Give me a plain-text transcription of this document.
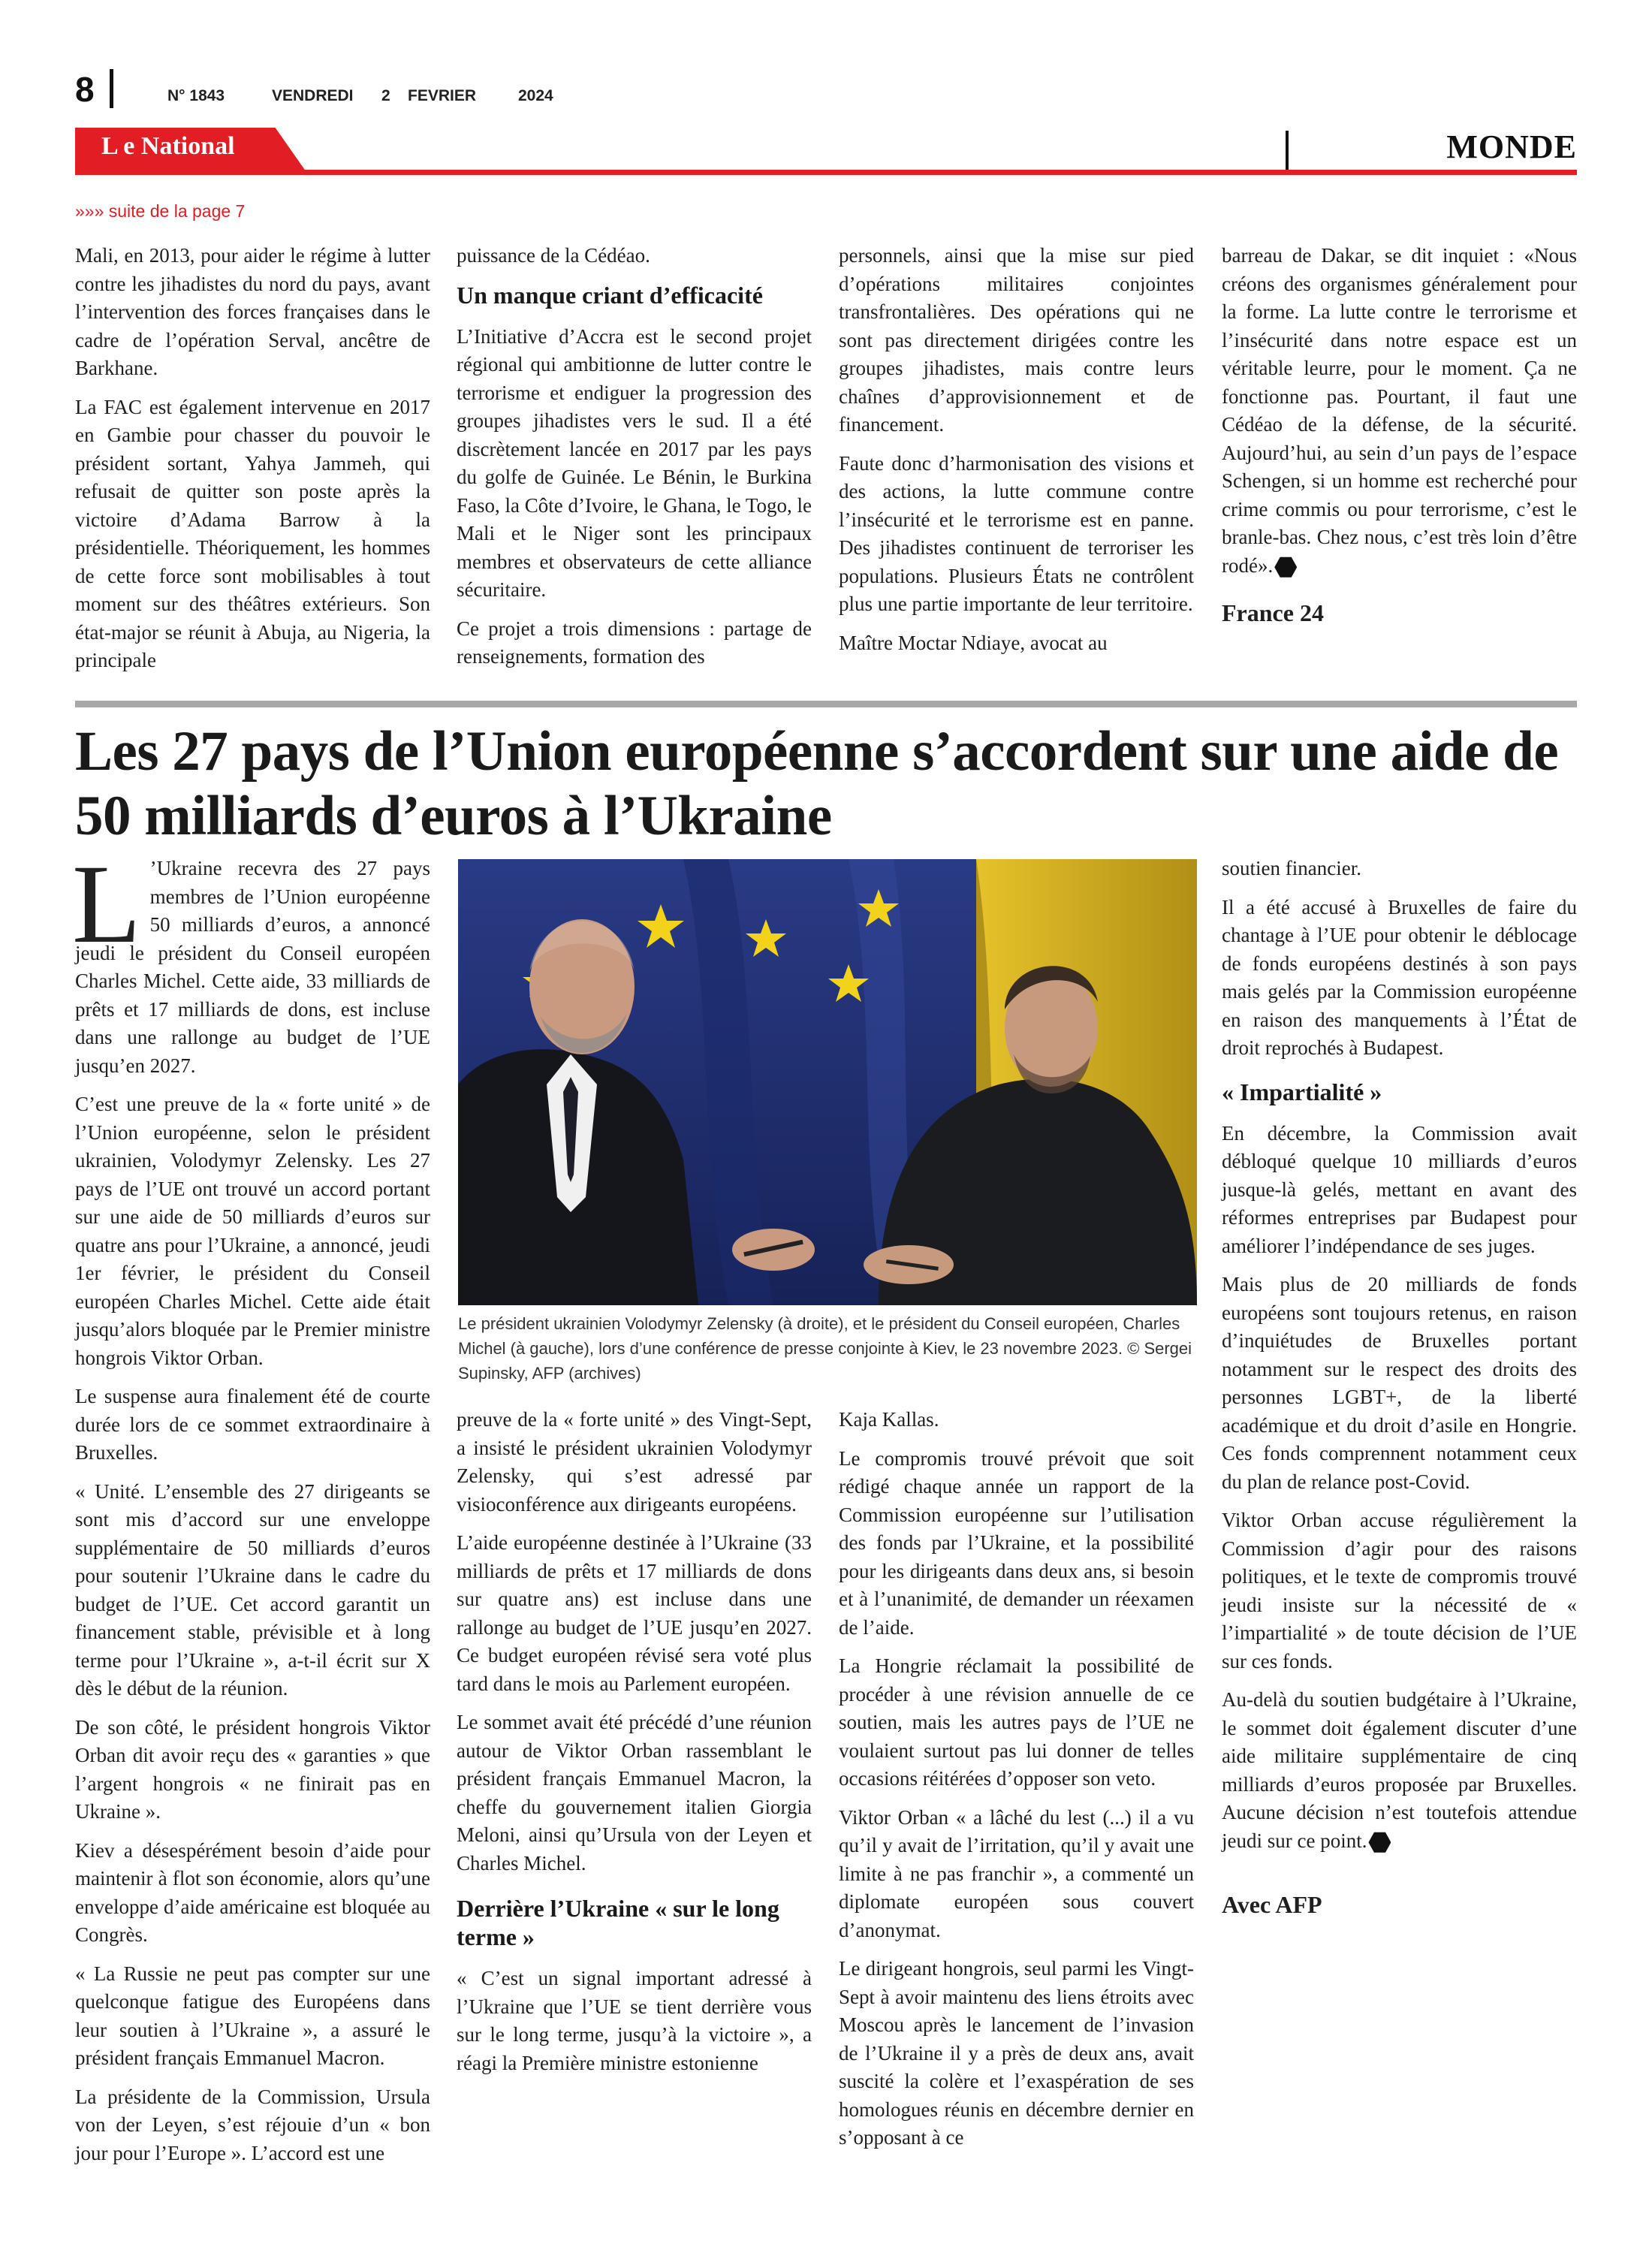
8	N° 1843	VENDREDI 2 FEVRIER	2024
L e National	MONDE
»»» suite de la page 7

Mali, en 2013, pour aider le régime à lutter contre les jihadistes du nord du pays, avant l’intervention des forces françaises dans le cadre de l’opération Serval, ancêtre de Barkhane.

La FAC est également intervenue en 2017 en Gambie pour chasser du pouvoir le président sortant, Yahya Jammeh, qui refusait de quitter son poste après la victoire d’Adama Barrow à la présidentielle. Théoriquement, les hommes de cette force sont mobilisables à tout moment sur des théâtres extérieurs. Son état-major se réunit à Abuja, au Nigeria, la principale

puissance de la Cédéao.

Un manque criant d’efficacité

L’Initiative d’Accra est le second projet régional qui ambitionne de lutter contre le terrorisme et endiguer la progression des groupes jihadistes vers le sud. Il a été discrètement lancée en 2017 par les pays du golfe de Guinée. Le Bénin, le Burkina Faso, la Côte d’Ivoire, le Ghana, le Togo, le Mali et le Niger sont les principaux membres et observateurs de cette alliance sécuritaire.

Ce projet a trois dimensions : partage de renseignements, formation des

personnels, ainsi que la mise sur pied d’opérations militaires conjointes transfrontalières. Des opérations qui ne sont pas directement dirigées contre les groupes jihadistes, mais contre leurs chaînes d’approvisionnement et de financement.

Faute donc d’harmonisation des visions et des actions, la lutte commune contre l’insécurité et le terrorisme est en panne. Des jihadistes continuent de terroriser les populations. Plusieurs États ne contrôlent plus une partie importante de leur territoire.

Maître Moctar Ndiaye, avocat au

barreau de Dakar, se dit inquiet : «Nous créons des organismes généralement pour la forme. La lutte contre le terrorisme et l’insécurité dans notre espace est un véritable leurre, pour le moment. Ça ne fonctionne pas. Pourtant, il faut une Cédéao de la défense, de la sécurité. Aujourd’hui, au sein d’un pays de l’espace Schengen, si un homme est recherché pour crime commis ou pour terrorisme, c’est le branle-bas. Chez nous, c’est très loin d’être rodé».

France 24

Les 27 pays de l’Union européenne s’accordent sur une aide de 50 milliards d’euros à l’Ukraine

L ’Ukraine recevra des 27 pays membres de l’Union européenne 50 milliards d’euros, a annoncé jeudi le président du Conseil européen Charles Michel. Cette aide, 33 milliards de prêts et 17 milliards de dons, est incluse dans une rallonge au budget de l’UE jusqu’en 2027.

C’est une preuve de la « forte unité » de l’Union européenne, selon le président ukrainien, Volodymyr Zelensky. Les 27 pays de l’UE ont trouvé un accord portant sur une aide de 50 milliards d’euros sur quatre ans pour l’Ukraine, a annoncé, jeudi 1er février, le président du Conseil européen Charles Michel. Cette aide était jusqu’alors bloquée par le Premier ministre hongrois Viktor Orban.

Le suspense aura finalement été de courte durée lors de ce sommet extraordinaire à Bruxelles.

« Unité. L’ensemble des 27 dirigeants se sont mis d’accord sur une enveloppe supplémentaire de 50 milliards d’euros pour soutenir l’Ukraine dans le cadre du budget de l’UE. Cet accord garantit un financement stable, prévisible et à long terme pour l’Ukraine », a-t-il écrit sur X dès le début de la réunion.

De son côté, le président hongrois Viktor Orban dit avoir reçu des « garanties » que l’argent hongrois « ne finirait pas en Ukraine ».

Kiev a désespérément besoin d’aide pour maintenir à flot son économie, alors qu’une enveloppe d’aide américaine est bloquée au Congrès.

« La Russie ne peut pas compter sur une quelconque fatigue des Européens dans leur soutien à l’Ukraine », a assuré le président français Emmanuel Macron.

La présidente de la Commission, Ursula von der Leyen, s’est réjouie d’un « bon jour pour l’Europe ». L’accord est une

Le président ukrainien Volodymyr Zelensky (à droite), et le président du Conseil européen, Charles Michel (à gauche), lors d’une conférence de presse conjointe à Kiev, le 23 novembre 2023. © Sergei Supinsky, AFP (archives)

preuve de la « forte unité » des Vingt-Sept, a insisté le président ukrainien Volodymyr Zelensky, qui s’est adressé par visioconférence aux dirigeants européens.

L’aide européenne destinée à l’Ukraine (33 milliards de prêts et 17 milliards de dons sur quatre ans) est incluse dans une rallonge au budget de l’UE jusqu’en 2027. Ce budget européen révisé sera voté plus tard dans le mois au Parlement européen.

Le sommet avait été précédé d’une réunion autour de Viktor Orban rassemblant le président français Emmanuel Macron, la cheffe du gouvernement italien Giorgia Meloni, ainsi qu’Ursula von der Leyen et Charles Michel.

Derrière l’Ukraine « sur le long terme »

« C’est un signal important adressé à l’Ukraine que l’UE se tient derrière vous sur le long terme, jusqu’à la victoire », a réagi la Première ministre estonienne

Kaja Kallas.

Le compromis trouvé prévoit que soit rédigé chaque année un rapport de la Commission européenne sur l’utilisation des fonds par l’Ukraine, et la possibilité pour les dirigeants dans deux ans, si besoin et à l’unanimité, de demander un réexamen de l’aide.

La Hongrie réclamait la possibilité de procéder à une révision annuelle de ce soutien, mais les autres pays de l’UE ne voulaient surtout pas lui donner de telles occasions réitérées d’opposer son veto.

Viktor Orban « a lâché du lest (...) il a vu qu’il y avait de l’irritation, qu’il y avait une limite à ne pas franchir », a commenté un diplomate européen sous couvert d’anonymat.

Le dirigeant hongrois, seul parmi les Vingt-Sept à avoir maintenu des liens étroits avec Moscou après le lancement de l’invasion de l’Ukraine il y a près de deux ans, avait suscité la colère et l’exaspération de ses homologues réunis en décembre dernier en s’opposant à ce

soutien financier.

Il a été accusé à Bruxelles de faire du chantage à l’UE pour obtenir le déblocage de fonds européens destinés à son pays mais gelés par la Commission européenne en raison des manquements à l’État de droit reprochés à Budapest.

« Impartialité »

En décembre, la Commission avait débloqué quelque 10 milliards d’euros jusque-là gelés, mettant en avant des réformes entreprises par Budapest pour améliorer l’indépendance de ses juges.

Mais plus de 20 milliards de fonds européens sont toujours retenus, en raison d’inquiétudes de Bruxelles portant notamment sur le respect des droits des personnes LGBT+, de la liberté académique et du droit d’asile en Hongrie. Ces fonds comprennent notamment ceux du plan de relance post-Covid.

Viktor Orban accuse régulièrement la Commission d’agir pour des raisons politiques, et le texte de compromis trouvé jeudi insiste sur la nécessité de « l’impartialité » de toute décision de l’UE sur ces fonds.

Au-delà du soutien budgétaire à l’Ukraine, le sommet doit également discuter d’une aide militaire supplémentaire de cinq milliards d’euros proposée par Bruxelles. Aucune décision n’est toutefois attendue jeudi sur ce point.

Avec AFP
